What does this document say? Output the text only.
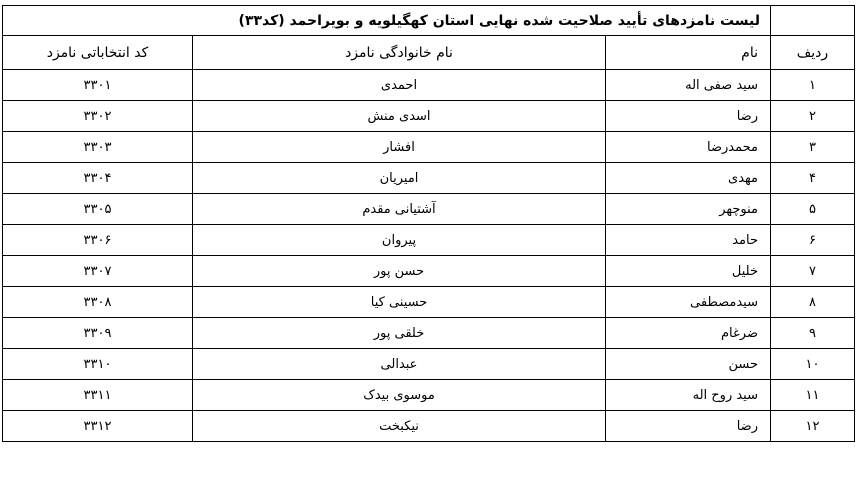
	لیست نامزدهای تأیید صلاحیت شده نهایی استان کهگیلویه و بویراحمد (کد۳۳)		
ردیف	نام	نام خانوادگی نامزد	کد انتخاباتی نامزد
۱	سید صفی اله	احمدی	۳۳۰۱
۲	رضا	اسدی منش	۳۳۰۲
۳	محمدرضا	افشار	۳۳۰۳
۴	مهدی	امیریان	۳۳۰۴
۵	منوچهر	آشتیانی مقدم	۳۳۰۵
۶	حامد	پیروان	۳۳۰۶
۷	خلیل	حسن پور	۳۳۰۷
۸	سیدمصطفی	حسینی کیا	۳۳۰۸
۹	ضرغام	خلقی پور	۳۳۰۹
۱۰	حسن	عبدالی	۳۳۱۰
۱۱	سید روح اله	موسوی بیدک	۳۳۱۱
۱۲	رضا	نیکبخت	۳۳۱۲
